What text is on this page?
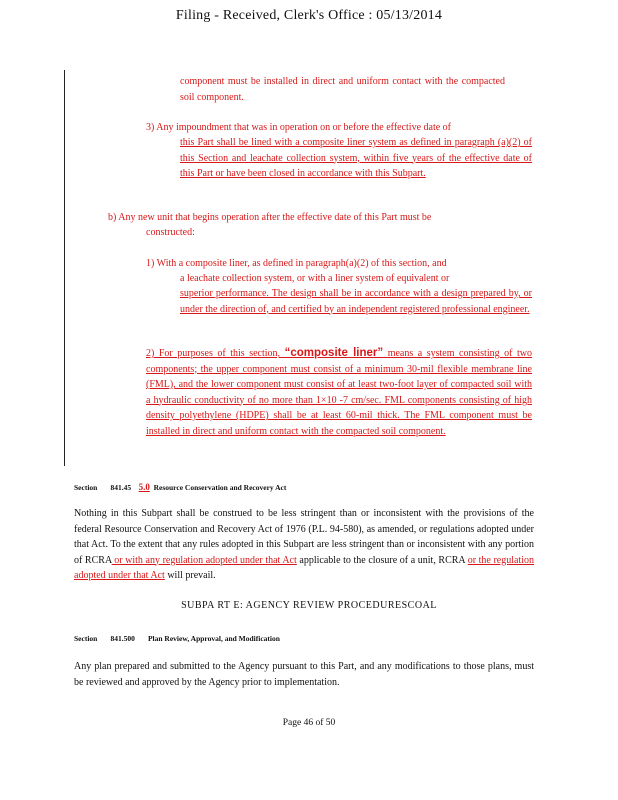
Filing - Received, Clerk's Office : 05/13/2014
component must be installed in direct and uniform contact with the compacted soil component.
3) Any impoundment that was in operation on or before the effective date of
this Part shall be lined with a composite liner system as defined in paragraph (a)(2) of this Section and leachate collection system, within five years of the effective date of this Part or have been closed in accordance with this Subpart.
b) Any new unit that begins operation after the effective date of this Part must be
constructed:
1) With a composite liner, as defined in paragraph(a)(2) of this section, and
a leachate collection system, or with a liner system of equivalent or
superior performance. The design shall be in accordance with a design prepared by, or under the direction of, and certified by an independent registered professional engineer.
2) For purposes of this section, “composite liner” means a system consisting of two components; the upper component must consist of a minimum 30-mil flexible membrane line (FML), and the lower component must consist of at least two-foot layer of compacted soil with a hydraulic conductivity of no more than 1×10 -7 cm/sec. FML components consisting of high density polyethylene (HDPE) shall be at least 60-mil thick. The FML component must be installed in direct and uniform contact with the compacted soil component.
Section 841.45 5.0 Resource Conservation and Recovery Act
Nothing in this Subpart shall be construed to be less stringent than or inconsistent with the provisions of the federal Resource Conservation and Recovery Act of 1976 (P.L. 94-580), as amended, or regulations adopted under that Act. To the extent that any rules adopted in this Subpart are less stringent than or inconsistent with any portion of RCRA or with any regulation adopted under that Act applicable to the closure of a unit, RCRA or the regulation adopted under that Act will prevail.
SUBPA RT E: AGENCY REVIEW PROCEDURESCOAL
Section 841.500 Plan Review, Approval, and Modification
Any plan prepared and submitted to the Agency pursuant to this Part, and any modifications to those plans, must be reviewed and approved by the Agency prior to implementation.
Page 46 of 50
